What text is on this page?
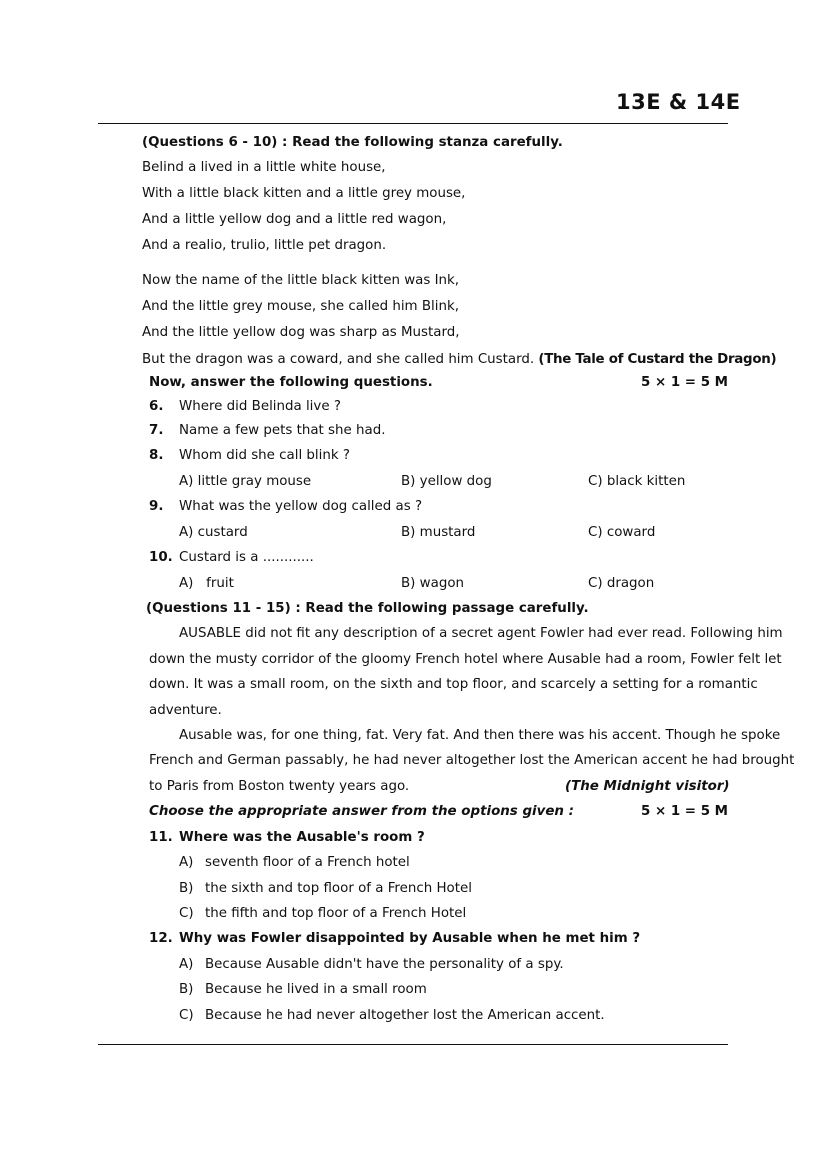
13E & 14E
(Questions 6 - 10) : Read the following stanza carefully.
Belind a lived in a little white house,
With a little black kitten and a little grey mouse,
And a little yellow dog and a little red wagon,
And a realio, trulio, little pet dragon.
Now the name of the little black kitten was Ink,
And the little grey mouse, she called him Blink,
And the little yellow dog was sharp as Mustard,
But the dragon was a coward, and she called him Custard. (The Tale of Custard the Dragon)
Now, answer the following questions.	5 × 1 = 5 M
6. Where did Belinda live ?
7. Name a few pets that she had.
8. Whom did she call blink ?
A) little gray mouse	B) yellow dog	C) black kitten
9. What was the yellow dog called as ?
A) custard	B) mustard	C) coward
10. Custard is a ............
A)   fruit	B) wagon	C) dragon
(Questions 11 - 15) : Read the following passage carefully.
AUSABLE did not fit any description of a secret agent Fowler had ever read. Following him
down the musty corridor of the gloomy French hotel where Ausable had a room, Fowler felt let
down. It was a small room, on the sixth and top floor, and scarcely a setting for a romantic
adventure.
Ausable was, for one thing, fat. Very fat. And then there was his accent. Though he spoke
French and German passably, he had never altogether lost the American accent he had brought
to Paris from Boston twenty years ago.	(The Midnight visitor)
Choose the appropriate answer from the options given :	5 × 1 = 5 M
11. Where was the Ausable's room ?
A) seventh floor of a French hotel
B) the sixth and top floor of a French Hotel
C) the fifth and top floor of a French Hotel
12. Why was Fowler disappointed by Ausable when he met him ?
A) Because Ausable didn't have the personality of a spy.
B) Because he lived in a small room
C) Because he had never altogether lost the American accent.
